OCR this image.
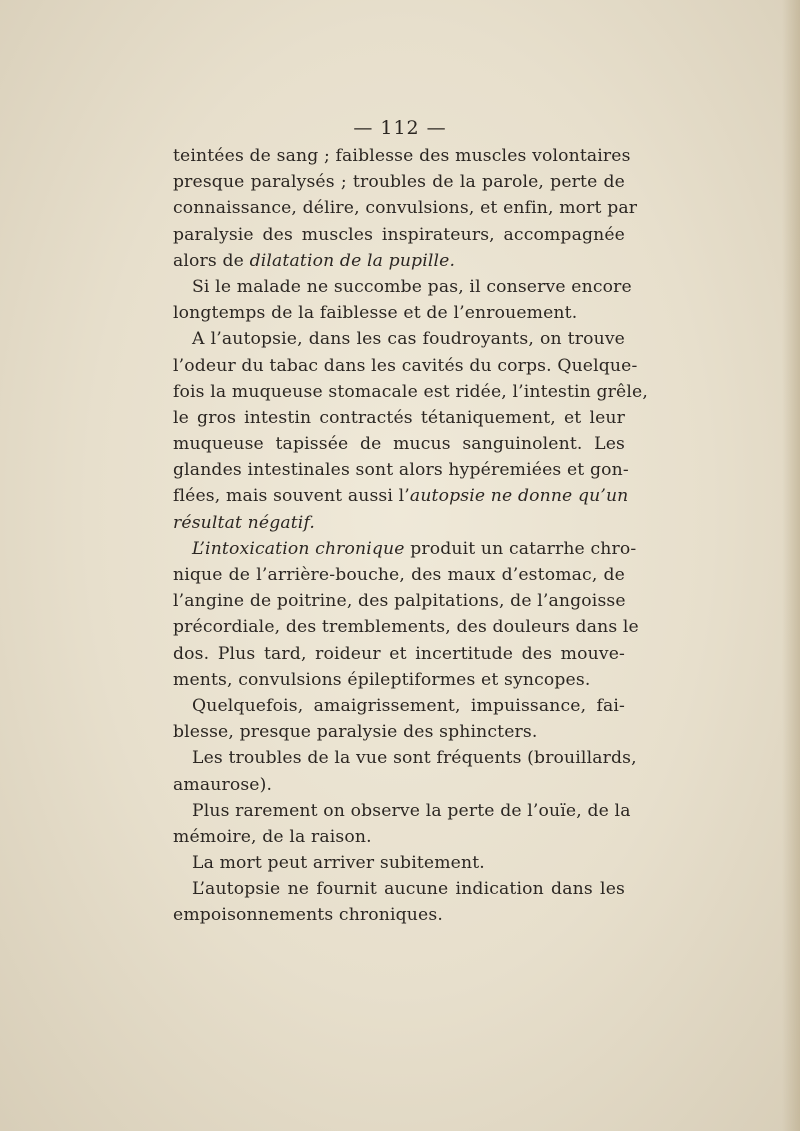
— 112 —
teintées de sang ; faiblesse des muscles volontaires
presque paralysés ; troubles de la parole, perte de
connaissance, délire, convulsions, et enfin, mort par
paralysie des muscles inspirateurs, accompagnée
alors de dilatation de la pupille.
Si le malade ne succombe pas, il conserve encore
longtemps de la faiblesse et de l’enrouement.
A l’autopsie, dans les cas foudroyants, on trouve
l’odeur du tabac dans les cavités du corps. Quelque-
fois la muqueuse stomacale est ridée, l’intestin grêle,
le gros intestin contractés tétaniquement, et leur
muqueuse tapissée de mucus sanguinolent. Les
glandes intestinales sont alors hypéremiées et gon-
flées, mais souvent aussi l’autopsie ne donne qu’un
résultat négatif.
L’intoxication chronique produit un catarrhe chro-
nique de l’arrière-bouche, des maux d’estomac, de
l’angine de poitrine, des palpitations, de l’angoisse
précordiale, des tremblements, des douleurs dans le
dos. Plus tard, roideur et incertitude des mouve-
ments, convulsions épileptiformes et syncopes.
Quelquefois, amaigrissement, impuissance, fai-
blesse, presque paralysie des sphincters.
Les troubles de la vue sont fréquents (brouillards,
amaurose).
Plus rarement on observe la perte de l’ouïe, de la
mémoire, de la raison.
La mort peut arriver subitement.
L’autopsie ne fournit aucune indication dans les
empoisonnements chroniques.
